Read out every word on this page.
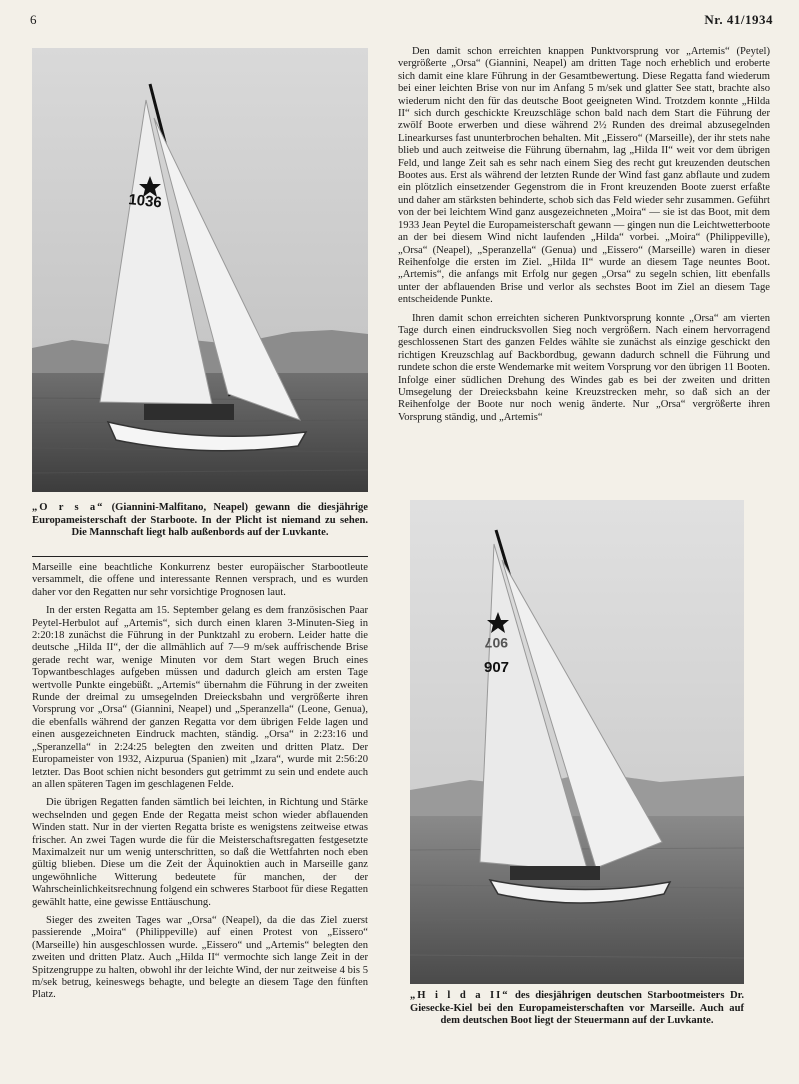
6	Nr. 41/1934
1036
„O r s a“ (Giannini-Malfitano, Neapel) gewann die diesjährige Europameisterschaft der Starboote. In der Plicht ist niemand zu sehen. Die Mannschaft liegt halb außenbords auf der Luvkante.

Marseille eine beachtliche Konkurrenz bester europäischer Starbootleute versammelt, die offene und interessante Rennen versprach, und es wurden daher vor den Regatten nur sehr vorsichtige Prognosen laut.

In der ersten Regatta am 15. September gelang es dem französischen Paar Peytel-Herbulot auf „Artemis“, sich durch einen klaren 3-Minuten-Sieg in 2:20:18 zunächst die Führung in der Punktzahl zu erobern. Leider hatte die deutsche „Hilda II“, der die allmählich auf 7—9 m/sek auffrischende Brise gerade recht war, wenige Minuten vor dem Start wegen Bruch eines Topwantbeschlages aufgeben müssen und dadurch gleich am ersten Tage wertvolle Punkte eingebüßt. „Artemis“ übernahm die Führung in der zweiten Runde der dreimal zu umsegelnden Dreiecksbahn und vergrößerte ihren Vorsprung vor „Orsa“ (Giannini, Neapel) und „Speranzella“ (Leone, Genua), die ebenfalls während der ganzen Regatta vor dem übrigen Felde lagen und einen ausgezeichneten Eindruck machten, ständig. „Orsa“ in 2:23:16 und „Speranzella“ in 2:24:25 belegten den zweiten und dritten Platz. Der Europameister von 1932, Aizpurua (Spanien) mit „Izara“, wurde mit 2:56:20 letzter. Das Boot schien nicht besonders gut getrimmt zu sein und endete auch an allen späteren Tagen im geschlagenen Felde.

Die übrigen Regatten fanden sämtlich bei leichten, in Richtung und Stärke wechselnden und gegen Ende der Regatta meist schon wieder abflauenden Winden statt. Nur in der vierten Regatta briste es wenigstens zeitweise etwas frischer. An zwei Tagen wurde die für die Meisterschaftsregatten festgesetzte Maximalzeit nur um wenig unterschritten, so daß die Wettfahrten noch eben gültig blieben. Diese um die Zeit der Äquinoktien auch in Marseille ganz ungewöhnliche Witterung bedeutete für manchen, der der Wahrscheinlichkeitsrechnung folgend ein schweres Starboot für diese Regatten gewählt hatte, eine gewisse Enttäuschung.

Sieger des zweiten Tages war „Orsa“ (Neapel), da die das Ziel zuerst passierende „Moira“ (Philippeville) auf einen Protest von „Eissero“ (Marseille) hin ausgeschlossen wurde. „Eissero“ und „Artemis“ belegten den zweiten und dritten Platz. Auch „Hilda II“ vermochte sich lange Zeit in der Spitzengruppe zu halten, obwohl ihr der leichte Wind, der nur zeitweise 4 bis 5 m/sek betrug, keineswegs behagte, und belegte an diesem Tage den fünften Platz.

Den damit schon erreichten knappen Punktvorsprung vor „Artemis“ (Peytel) vergrößerte „Orsa“ (Giannini, Neapel) am dritten Tage noch erheblich und eroberte sich damit eine klare Führung in der Gesamtbewertung. Diese Regatta fand wiederum bei einer leichten Brise von nur im Anfang 5 m/sek und glatter See statt, brachte also wiederum nicht den für das deutsche Boot geeigneten Wind. Trotzdem konnte „Hilda II“ sich durch geschickte Kreuzschläge schon bald nach dem Start die Führung der zwölf Boote erwerben und diese während 2½ Runden des dreimal abzusegelnden Linearkurses fast ununterbrochen behalten. Mit „Eissero“ (Marseille), der ihr stets nahe blieb und auch zeitweise die Führung übernahm, lag „Hilda II“ weit vor dem übrigen Feld, und lange Zeit sah es sehr nach einem Sieg des recht gut kreuzenden deutschen Bootes aus. Erst als während der letzten Runde der Wind fast ganz abflaute und zudem ein plötzlich einsetzender Gegenstrom die in Front kreuzenden Boote zuerst erfaßte und daher am stärksten behinderte, schob sich das Feld wieder sehr zusammen. Geführt von der bei leichtem Wind ganz ausgezeichneten „Moira“ — sie ist das Boot, mit dem 1933 Jean Peytel die Europameisterschaft gewann — gingen nun die Leichtwetterboote an der bei diesem Wind nicht laufenden „Hilda“ vorbei. „Moira“ (Philippeville), „Orsa“ (Neapel), „Speranzella“ (Genua) und „Eissero“ (Marseille) waren in dieser Reihenfolge die ersten im Ziel. „Hilda II“ wurde an diesem Tage neuntes Boot. „Artemis“, die anfangs mit Erfolg nur gegen „Orsa“ zu segeln schien, litt ebenfalls unter der abflauenden Brise und verlor als sechstes Boot im Ziel an diesem Tage entscheidende Punkte.

Ihren damit schon erreichten sicheren Punktvorsprung konnte „Orsa“ am vierten Tage durch einen eindrucksvollen Sieg noch vergrößern. Nach einem hervorragend geschlossenen Start des ganzen Feldes wählte sie zunächst als einzige geschickt den richtigen Kreuzschlag auf Backbordbug, gewann dadurch schnell die Führung und rundete schon die erste Wendemarke mit weitem Vorsprung vor den übrigen 11 Booten. Infolge einer südlichen Drehung des Windes gab es bei der zweiten und dritten Umsegelung der Dreiecksbahn keine Kreuzstrecken mehr, so daß sich an der Reihenfolge der Boote nur noch wenig änderte. Nur „Orsa“ vergrößerte ihren Vorsprung ständig, und „Artemis“

907
907
„H i l d a II“ des diesjährigen deutschen Starbootmeisters Dr. Giesecke-Kiel bei den Europameisterschaften vor Marseille. Auch auf dem deutschen Boot liegt der Steuermann auf der Luvkante.
